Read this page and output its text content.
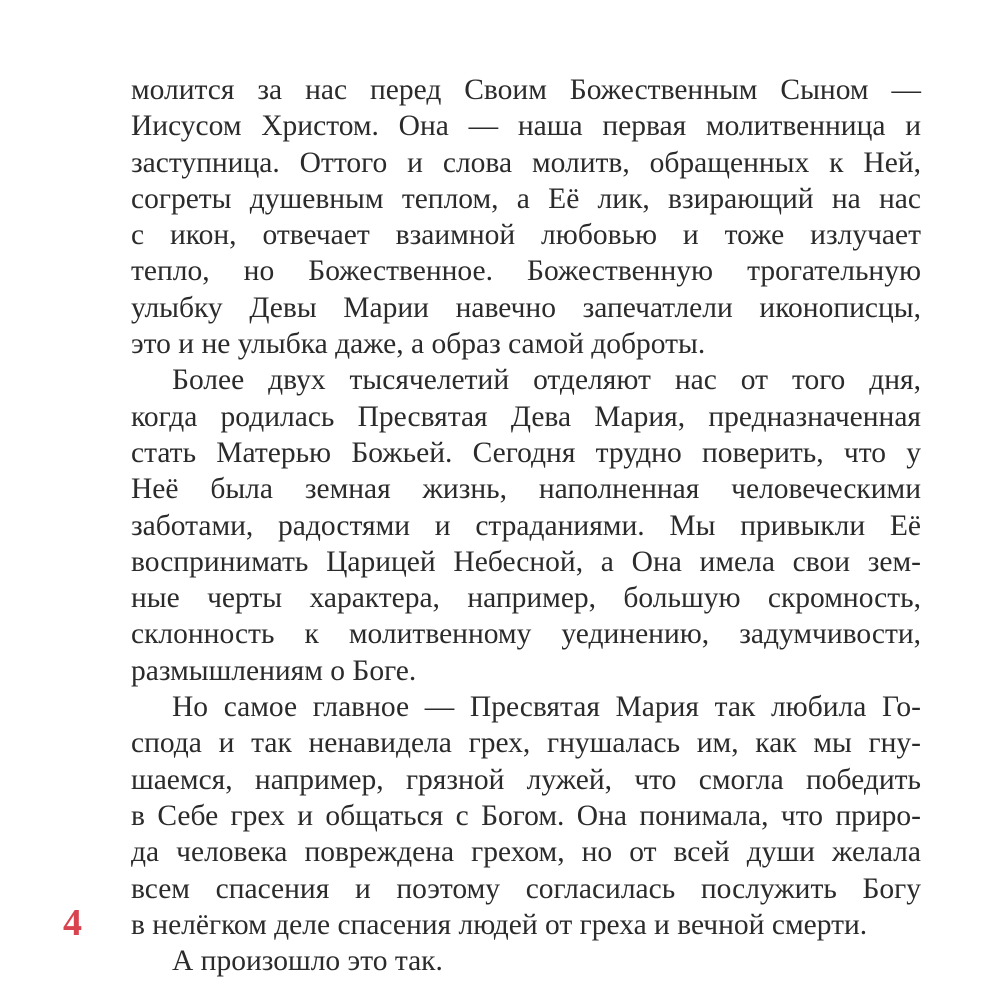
молится за нас перед Своим Божественным Сыном —
Иисусом Христом. Она — наша первая молитвенница и
заступница. Оттого и слова молитв, обращенных к Ней,
согреты душевным теплом, а Её лик, взирающий на нас
с икон, отвечает взаимной любовью и тоже излучает
тепло, но Божественное. Божественную трогательную
улыбку Девы Марии навечно запечатлели иконописцы,
это и не улыбка даже, а образ самой доброты.
Более двух тысячелетий отделяют нас от того дня,
когда родилась Пресвятая Дева Мария, предназначенная
стать Матерью Божьей. Сегодня трудно поверить, что у
Неё была земная жизнь, наполненная человеческими
заботами, радостями и страданиями. Мы привыкли Её
воспринимать Царицей Небесной, а Она имела свои зем-
ные черты характера, например, большую скромность,
склонность к молитвенному уединению, задумчивости,
размышлениям о Боге.
Но самое главное — Пресвятая Мария так любила Го-
спода и так ненавидела грех, гнушалась им, как мы гну-
шаемся, например, грязной лужей, что смогла победить
в Себе грех и общаться с Богом. Она понимала, что приро-
да человека повреждена грехом, но от всей души желала
всем спасения и поэтому согласилась послужить Богу
в нелёгком деле спасения людей от греха и вечной смерти.
А произошло это так.
4
